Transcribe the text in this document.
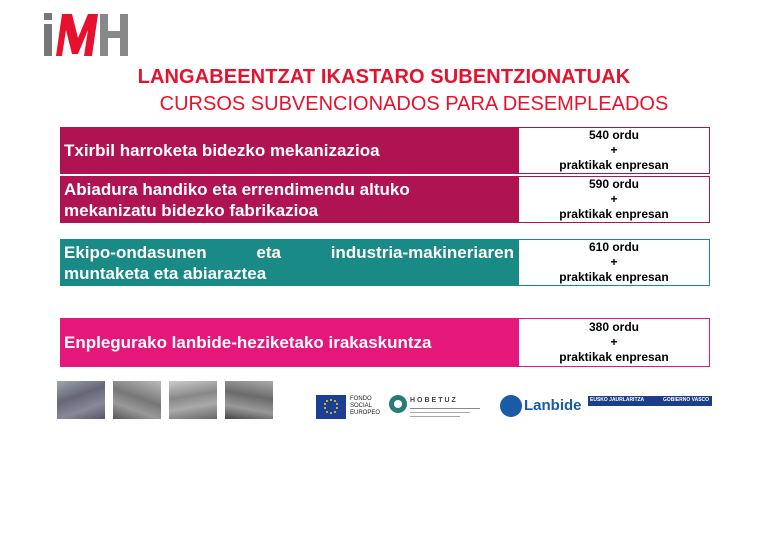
LANGABEENTZAT IKASTARO SUBENTZIONATUAK
CURSOS SUBVENCIONADOS PARA DESEMPLEADOS
Txirbil harroketa bidezko mekanizazioa
540 ordu
+
praktikak enpresan
Abiadura handiko eta errendimendu altuko
mekanizatu bidezko fabrikazioa
590 ordu
+
praktikak enpresan
Ekipo-ondasunen eta industria-makineriaren
muntaketa eta abiaraztea
610 ordu
+
praktikak enpresan
Enplegurako lanbide-heziketako irakaskuntza
380 ordu
+
praktikak enpresan
FONDO
SOCIAL
EUROPEO
HOBETUZ	Lanbide EUSKO JAURLARITZA	GOBIERNO VASCO
